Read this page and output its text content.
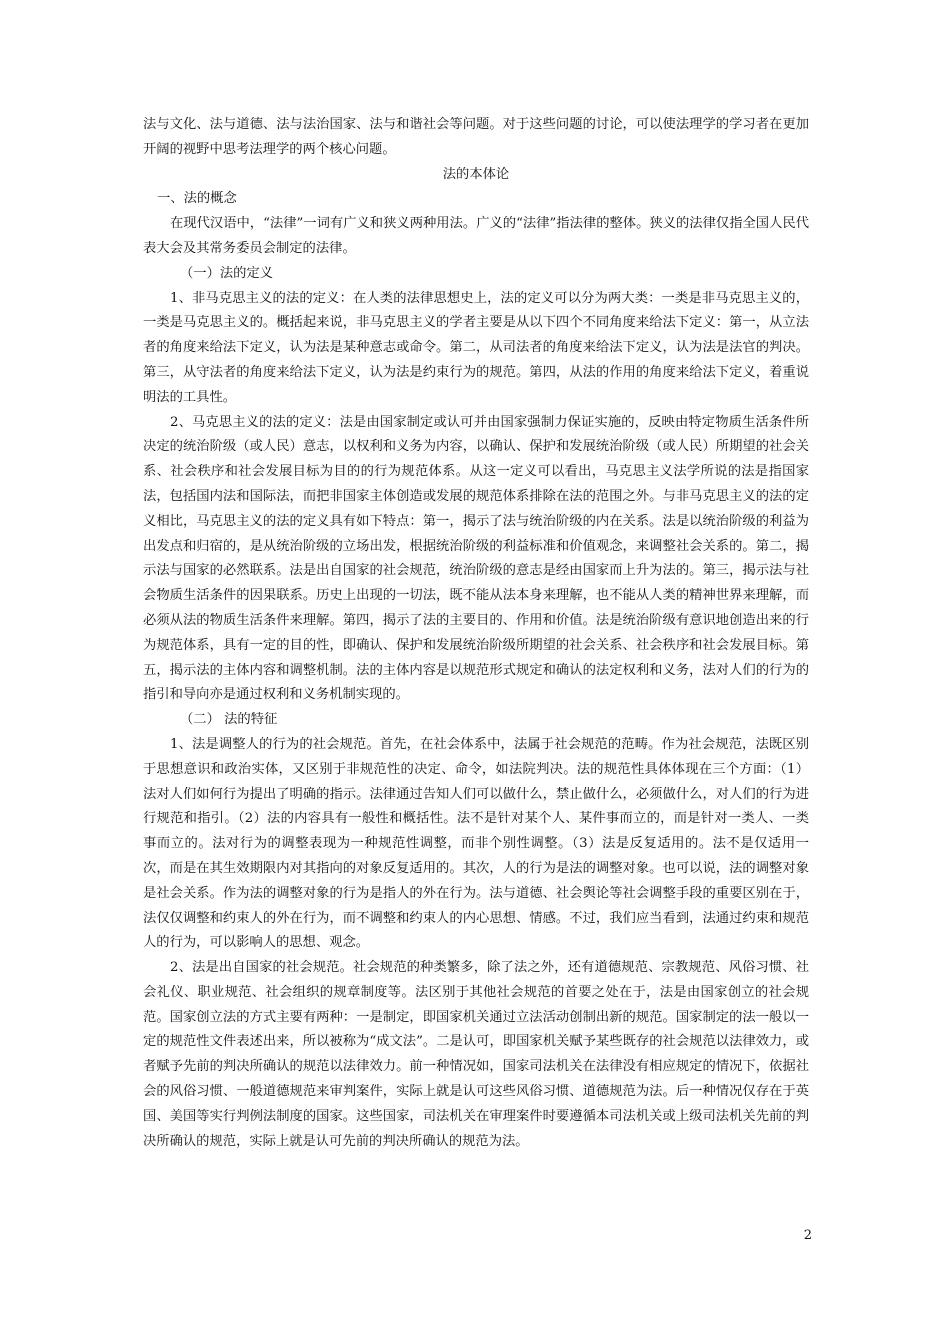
法与文化、法与道德、法与法治国家、法与和谐社会等问题。对于这些问题的讨论，可以使法理学的学习者在更加开阔的视野中思考法理学的两个核心问题。

法的本体论

一、法的概念

在现代汉语中，“法律”一词有广义和狭义两种用法。广义的“法律”指法律的整体。狭义的法律仅指全国人民代表大会及其常务委员会制定的法律。

（一）法的定义

1、非马克思主义的法的定义：在人类的法律思想史上，法的定义可以分为两大类：一类是非马克思主义的，一类是马克思主义的。概括起来说，非马克思主义的学者主要是从以下四个不同角度来给法下定义：第一，从立法者的角度来给法下定义，认为法是某种意志或命令。第二，从司法者的角度来给法下定义，认为法是法官的判决。第三，从守法者的角度来给法下定义，认为法是约束行为的规范。第四，从法的作用的角度来给法下定义，着重说明法的工具性。

2、马克思主义的法的定义：法是由国家制定或认可并由国家强制力保证实施的，反映由特定物质生活条件所决定的统治阶级（或人民）意志，以权利和义务为内容，以确认、保护和发展统治阶级（或人民）所期望的社会关系、社会秩序和社会发展目标为目的的行为规范体系。从这一定义可以看出，马克思主义法学所说的法是指国家法，包括国内法和国际法，而把非国家主体创造或发展的规范体系排除在法的范围之外。与非马克思主义的法的定义相比，马克思主义的法的定义具有如下特点：第一，揭示了法与统治阶级的内在关系。法是以统治阶级的利益为出发点和归宿的，是从统治阶级的立场出发，根据统治阶级的利益标准和价值观念，来调整社会关系的。第二，揭示法与国家的必然联系。法是出自国家的社会规范，统治阶级的意志是经由国家而上升为法的。第三，揭示法与社会物质生活条件的因果联系。历史上出现的一切法，既不能从法本身来理解，也不能从人类的精神世界来理解，而必须从法的物质生活条件来理解。第四，揭示了法的主要目的、作用和价值。法是统治阶级有意识地创造出来的行为规范体系，具有一定的目的性，即确认、保护和发展统治阶级所期望的社会关系、社会秩序和社会发展目标。第五，揭示法的主体内容和调整机制。法的主体内容是以规范形式规定和确认的法定权利和义务，法对人们的行为的指引和导向亦是通过权利和义务机制实现的。

（二） 法的特征

1、法是调整人的行为的社会规范。首先，在社会体系中，法属于社会规范的范畴。作为社会规范，法既区别于思想意识和政治实体，又区别于非规范性的决定、命令，如法院判决。法的规范性具体体现在三个方面：（1）法对人们如何行为提出了明确的指示。法律通过告知人们可以做什么，禁止做什么，必须做什么，对人们的行为进行规范和指引。（2）法的内容具有一般性和概括性。法不是针对某个人、某件事而立的，而是针对一类人、一类事而立的。法对行为的调整表现为一种规范性调整，而非个别性调整。（3）法是反复适用的。法不是仅适用一次，而是在其生效期限内对其指向的对象反复适用的。其次，人的行为是法的调整对象。也可以说，法的调整对象是社会关系。作为法的调整对象的行为是指人的外在行为。法与道德、社会舆论等社会调整手段的重要区别在于，法仅仅调整和约束人的外在行为，而不调整和约束人的内心思想、情感。不过，我们应当看到，法通过约束和规范人的行为，可以影响人的思想、观念。

2、法是出自国家的社会规范。社会规范的种类繁多，除了法之外，还有道德规范、宗教规范、风俗习惯、社会礼仪、职业规范、社会组织的规章制度等。法区别于其他社会规范的首要之处在于，法是由国家创立的社会规范。国家创立法的方式主要有两种：一是制定，即国家机关通过立法活动创制出新的规范。国家制定的法一般以一定的规范性文件表述出来，所以被称为“成文法”。二是认可，即国家机关赋予某些既存的社会规范以法律效力，或者赋予先前的判决所确认的规范以法律效力。前一种情况如，国家司法机关在法律没有相应规定的情况下，依据社会的风俗习惯、一般道德规范来审判案件，实际上就是认可这些风俗习惯、道德规范为法。后一种情况仅存在于英国、美国等实行判例法制度的国家。这些国家，司法机关在审理案件时要遵循本司法机关或上级司法机关先前的判决所确认的规范，实际上就是认可先前的判决所确认的规范为法。

2
